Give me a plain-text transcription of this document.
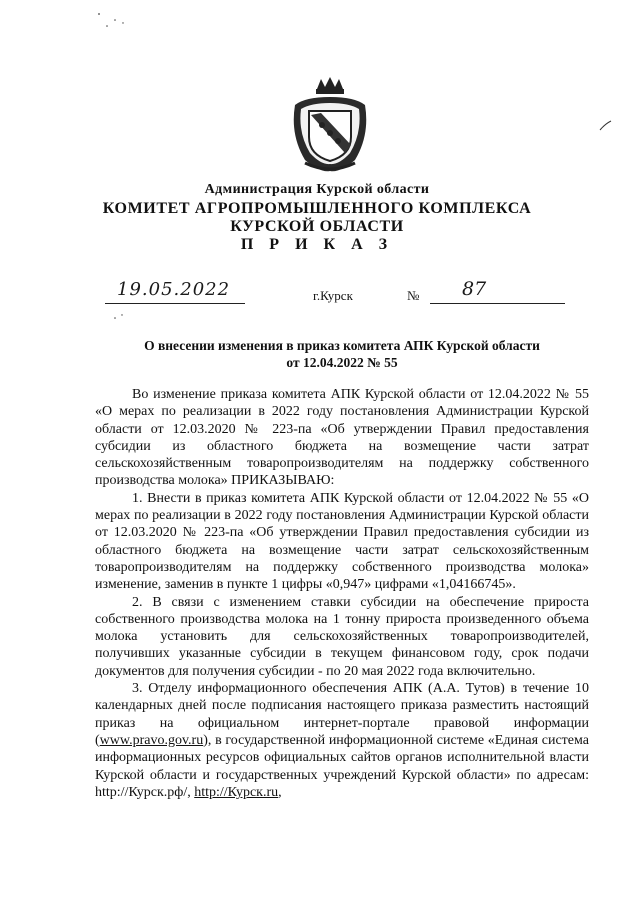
Администрация Курской области
КОМИТЕТ АГРОПРОМЫШЛЕННОГО КОМПЛЕКСА
КУРСКОЙ ОБЛАСТИ
П Р И К А З
19.05.2022	г.Курск	№ 87
О внесении изменения в приказ комитета АПК Курской области
от 12.04.2022 № 55

Во изменение приказа комитета АПК Курской области от 12.04.2022 № 55 «О мерах по реализации в 2022 году постановления Администрации Курской области от 12.03.2020 № 223-па «Об утверждении Правил предоставления субсидии из областного бюджета на возмещение части затрат сельскохозяйственным товаропроизводителям на поддержку собственного производства молока» ПРИКАЗЫВАЮ:

1. Внести в приказ комитета АПК Курской области от 12.04.2022 № 55 «О мерах по реализации в 2022 году постановления Администрации Курской области от 12.03.2020 № 223-па «Об утверждении Правил предоставления субсидии из областного бюджета на возмещение части затрат сельскохозяйственным товаропроизводителям на поддержку собственного производства молока» изменение, заменив в пункте 1 цифры «0,947» цифрами «1,04166745».

2. В связи с изменением ставки субсидии на обеспечение прироста собственного производства молока на 1 тонну прироста произведенного объема молока установить для сельскохозяйственных товаропроизводителей, получивших указанные субсидии в текущем финансовом году, срок подачи документов для получения субсидии - по 20 мая 2022 года включительно.

3. Отделу информационного обеспечения АПК (А.А. Тутов) в течение 10 календарных дней после подписания настоящего приказа разместить настоящий приказ на официальном интернет-портале правовой информации (www.pravo.gov.ru), в государственной информационной системе «Единая система информационных ресурсов официальных сайтов органов исполнительной власти Курской области и государственных учреждений Курской области» по адресам: http://Курск.рф/, http://Курск.ru,
